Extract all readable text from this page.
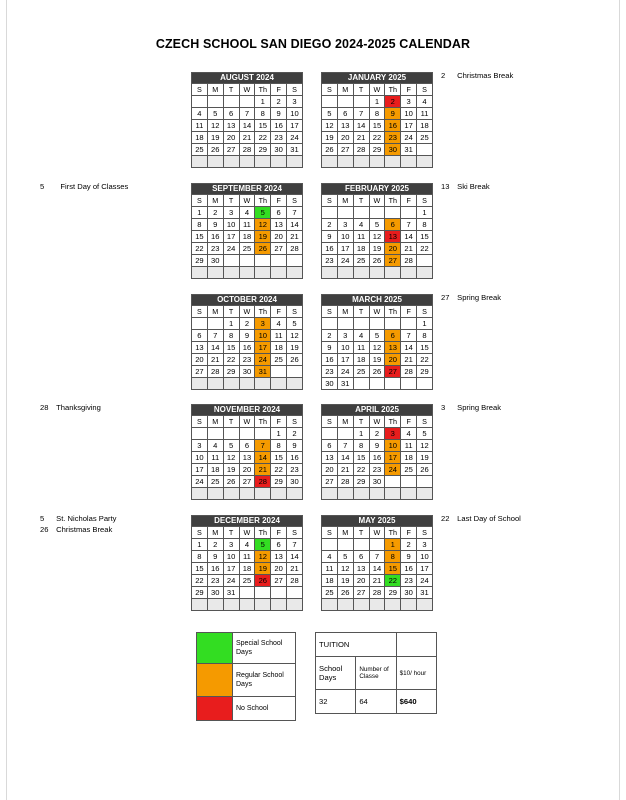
CZECH SCHOOL SAN DIEGO 2024-2025 CALENDAR
AUGUST 2024						
S	M	T	W	Th	F	S
				1	2	3
4	5	6	7	8	9	10
11	12	13	14	15	16	17
18	19	20	21	22	23	24
25	26	27	28	29	30	31

JANUARY 2025						
S	M	T	W	Th	F	S
			1	2	3	4
5	6	7	8	9	10	11
12	13	14	15	16	17	18
19	20	21	22	23	24	25
26	27	28	29	30	31	

SEPTEMBER 2024						
S	M	T	W	Th	F	S
1	2	3	4	5	6	7
8	9	10	11	12	13	14
15	16	17	18	19	20	21
22	23	24	25	26	27	28
29	30					

FEBRUARY 2025						
S	M	T	W	Th	F	S
						1
2	3	4	5	6	7	8
9	10	11	12	13	14	15
16	17	18	19	20	21	22
23	24	25	26	27	28	

OCTOBER 2024						
S	M	T	W	Th	F	S
		1	2	3	4	5
6	7	8	9	10	11	12
13	14	15	16	17	18	19
20	21	22	23	24	25	26
27	28	29	30	31		

MARCH 2025						
S	M	T	W	Th	F	S
						1
2	3	4	5	6	7	8
9	10	11	12	13	14	15
16	17	18	19	20	21	22
23	24	25	26	27	28	29
30	31					
NOVEMBER 2024						
S	M	T	W	Th	F	S
					1	2
3	4	5	6	7	8	9
10	11	12	13	14	15	16
17	18	19	20	21	22	23
24	25	26	27	28	29	30

APRIL 2025						
S	M	T	W	Th	F	S
		1	2	3	4	5
6	7	8	9	10	11	12
13	14	15	16	17	18	19
20	21	22	23	24	25	26
27	28	29	30			

DECEMBER 2024						
S	M	T	W	Th	F	S
1	2	3	4	5	6	7
8	9	10	11	12	13	14
15	16	17	18	19	20	21
22	23	24	25	26	27	28
29	30	31				

MAY 2025						
S	M	T	W	Th	F	S
				1	2	3
4	5	6	7	8	9	10
11	12	13	14	15	16	17
18	19	20	21	22	23	24
25	26	27	28	29	30	31

5 First Day of Classes
28 Thanksgiving
5 St. Nicholas Party
26 Christmas Break
2 Christmas Break
13 Ski Break
27 Spring Break
3 Spring Break
22 Last Day of School
	Special School Days
	Regular School Days
	No School
TUITION		
School Days	Number of Classe	$10/ hour
32	64	$640
